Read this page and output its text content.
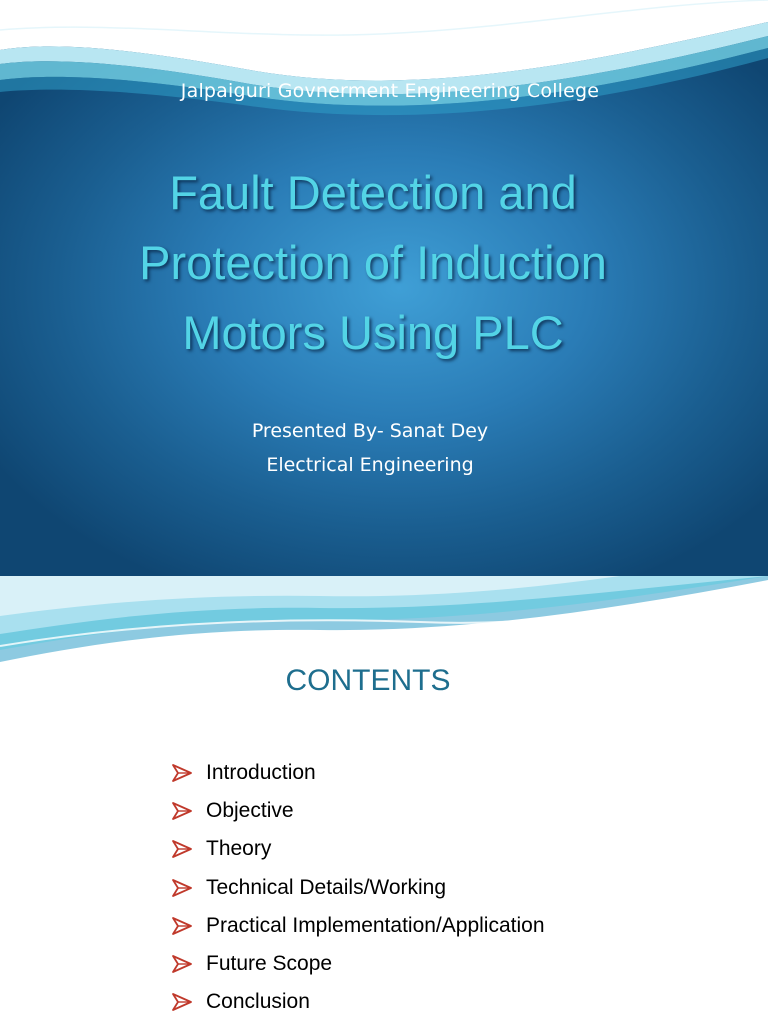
Jalpaiguri Govnerment Engineering College
Fault Detection and
Protection of Induction
Motors Using PLC
Presented By- Sanat Dey
Electrical Engineering
CONTENTS
Introduction
Objective
Theory
Technical Details/Working
Practical Implementation/Application
Future Scope
Conclusion
